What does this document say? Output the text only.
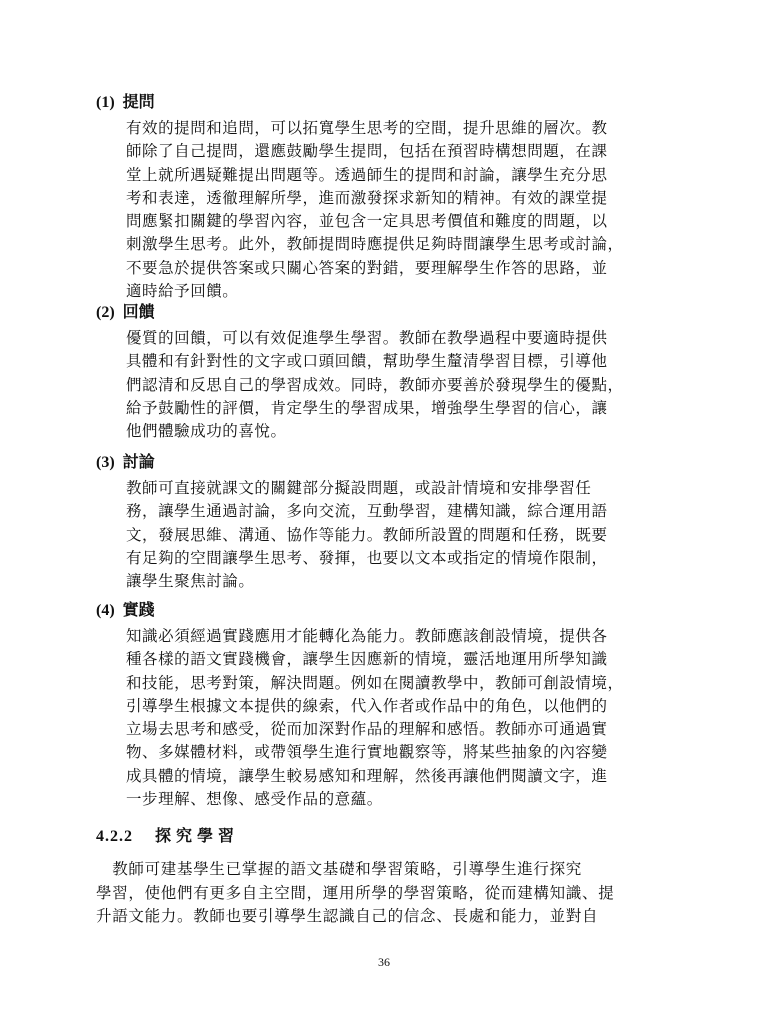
(1) 提問
有效的提問和追問，可以拓寬學生思考的空間，提升思維的層次。教
師除了自己提問，還應鼓勵學生提問，包括在預習時構想問題，在課
堂上就所遇疑難提出問題等。透過師生的提問和討論，讓學生充分思
考和表達，透徹理解所學，進而激發探求新知的精神。有效的課堂提
問應緊扣關鍵的學習內容，並包含一定具思考價值和難度的問題，以
刺激學生思考。此外，教師提問時應提供足夠時間讓學生思考或討論，
不要急於提供答案或只關心答案的對錯，要理解學生作答的思路，並
適時給予回饋。
(2) 回饋
優質的回饋，可以有效促進學生學習。教師在教學過程中要適時提供
具體和有針對性的文字或口頭回饋，幫助學生釐清學習目標，引導他
們認清和反思自己的學習成效。同時，教師亦要善於發現學生的優點，
給予鼓勵性的評價，肯定學生的學習成果，增強學生學習的信心，讓
他們體驗成功的喜悅。
(3) 討論
教師可直接就課文的關鍵部分擬設問題，或設計情境和安排學習任
務，讓學生通過討論，多向交流，互動學習，建構知識，綜合運用語
文，發展思維、溝通、協作等能力。教師所設置的問題和任務，既要
有足夠的空間讓學生思考、發揮，也要以文本或指定的情境作限制，
讓學生聚焦討論。
(4) 實踐
知識必須經過實踐應用才能轉化為能力。教師應該創設情境，提供各
種各樣的語文實踐機會，讓學生因應新的情境，靈活地運用所學知識
和技能，思考對策，解決問題。例如在閱讀教學中，教師可創設情境，
引導學生根據文本提供的線索，代入作者或作品中的角色，以他們的
立場去思考和感受，從而加深對作品的理解和感悟。教師亦可通過實
物、多媒體材料，或帶領學生進行實地觀察等，將某些抽象的內容變
成具體的情境，讓學生較易感知和理解，然後再讓他們閱讀文字，進
一步理解、想像、感受作品的意蘊。
4.2.2 探究學習
　教師可建基學生已掌握的語文基礎和學習策略，引導學生進行探究
學習，使他們有更多自主空間，運用所學的學習策略，從而建構知識、提
升語文能力。教師也要引導學生認識自己的信念、長處和能力，並對自
36
